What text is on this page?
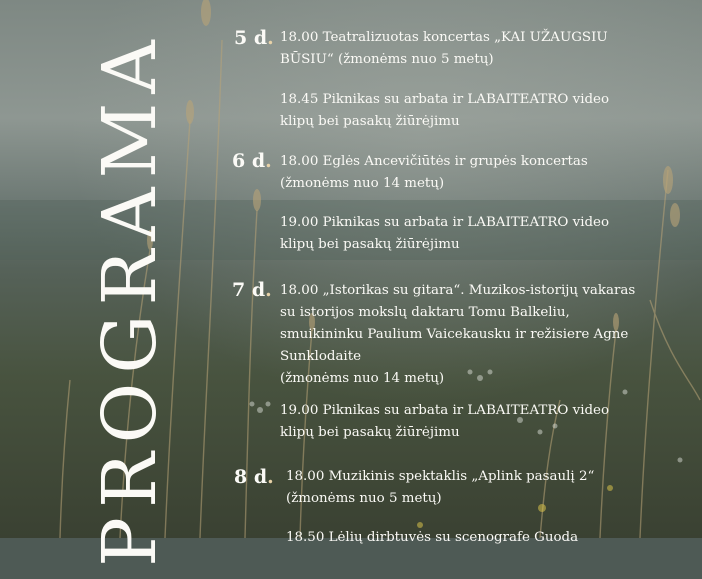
PROGRAMA	5 d. 18.00 Teatralizuotas koncertas „KAI UŽAUGSIU
BŪSIU“ (žmonėms nuo 5 metų)
18.45 Piknikas su arbata ir LABAITEATRO video
klipų bei pasakų žiūrėjimu
6 d. 18.00 Eglės Ancevičiūtės ir grupės koncertas
(žmonėms nuo 14 metų)
19.00 Piknikas su arbata ir LABAITEATRO video
klipų bei pasakų žiūrėjimu
7 d. 18.00 „Istorikas su gitara“. Muzikos-istorijų vakaras
su istorijos mokslų daktaru Tomu Balkeliu,
smuikininku Paulium Vaicekausku ir režisiere Agne
Sunklodaite
(žmonėms nuo 14 metų)
19.00 Piknikas su arbata ir LABAITEATRO video
klipų bei pasakų žiūrėjimu
8 d. 18.00 Muzikinis spektaklis „Aplink pasaulį 2“
(žmonėms nuo 5 metų)
18.50 Lėlių dirbtuvės su scenografe Guoda
